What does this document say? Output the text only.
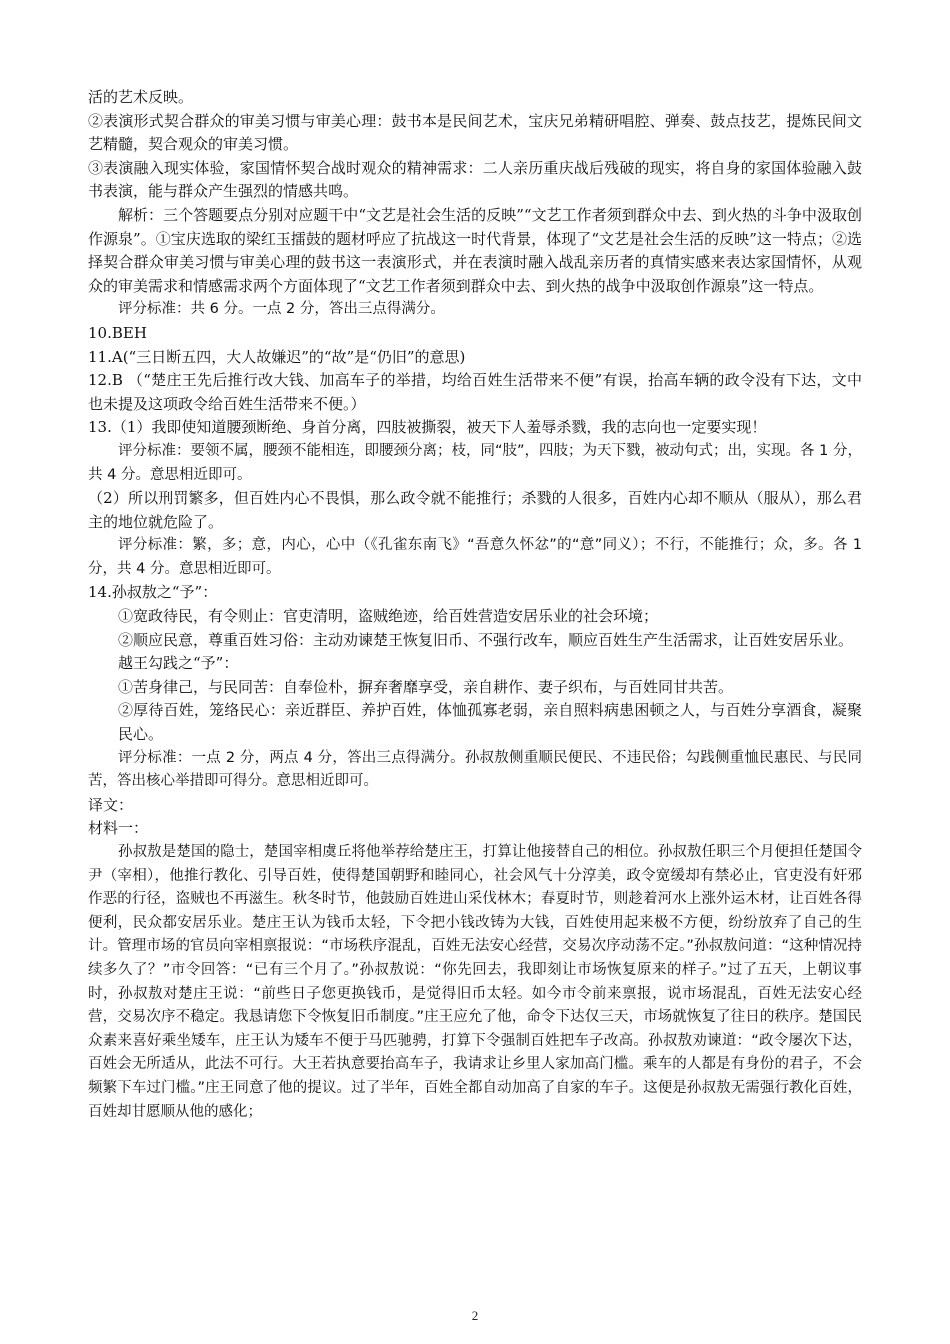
活的艺术反映。

②表演形式契合群众的审美习惯与审美心理：鼓书本是民间艺术，宝庆兄弟精研唱腔、弹奏、鼓点技艺，提炼民间文艺精髓，契合观众的审美习惯。

③表演融入现实体验，家国情怀契合战时观众的精神需求：二人亲历重庆战后残破的现实，将自身的家国体验融入鼓书表演，能与群众产生强烈的情感共鸣。

解析：三个答题要点分别对应题干中“文艺是社会生活的反映”“文艺工作者须到群众中去、到火热的斗争中汲取创作源泉”。①宝庆选取的梁红玉擂鼓的题材呼应了抗战这一时代背景，体现了“文艺是社会生活的反映”这一特点；②选择契合群众审美习惯与审美心理的鼓书这一表演形式，并在表演时融入战乱亲历者的真情实感来表达家国情怀，从观众的审美需求和情感需求两个方面体现了“文艺工作者须到群众中去、到火热的战争中汲取创作源泉”这一特点。

评分标准：共 6 分。一点 2 分，答出三点得满分。

10.BEH

11.A(“三日断五四，大人故嫌迟”的“故”是“仍旧”的意思)

12.B （“楚庄王先后推行改大钱、加高车子的举措，均给百姓生活带来不便”有误，抬高车辆的政令没有下达，文中也未提及这项政令给百姓生活带来不便。）

13.（1）我即使知道腰颈断绝、身首分离，四肢被撕裂，被天下人羞辱杀戮，我的志向也一定要实现！

评分标准：要领不属，腰颈不能相连，即腰颈分离；枝，同“肢”，四肢；为天下戮，被动句式；出，实现。各 1 分，共 4 分。意思相近即可。

（2）所以刑罚繁多，但百姓内心不畏惧，那么政令就不能推行；杀戮的人很多，百姓内心却不顺从（服从），那么君主的地位就危险了。

评分标准：繁，多；意，内心，心中（《孔雀东南飞》“吾意久怀忿”的“意”同义）；不行，不能推行；众，多。各 1 分，共 4 分。意思相近即可。

14.孙叔敖之“予”：

①宽政待民，有令则止：官吏清明，盗贼绝迹，给百姓营造安居乐业的社会环境；

②顺应民意，尊重百姓习俗：主动劝谏楚王恢复旧币、不强行改车，顺应百姓生产生活需求，让百姓安居乐业。

越王勾践之“予”：

①苦身律己，与民同苦：自奉俭朴，摒弃奢靡享受，亲自耕作、妻子织布，与百姓同甘共苦。

②厚待百姓，笼络民心：亲近群臣、养护百姓，体恤孤寡老弱，亲自照料病患困顿之人，与百姓分享酒食，凝聚民心。

评分标准：一点 2 分，两点 4 分，答出三点得满分。孙叔敖侧重顺民便民、不违民俗；勾践侧重恤民惠民、与民同苦，答出核心举措即可得分。意思相近即可。

译文：

材料一：

孙叔敖是楚国的隐士，楚国宰相虞丘将他举荐给楚庄王，打算让他接替自己的相位。孙叔敖任职三个月便担任楚国令尹（宰相），他推行教化、引导百姓，使得楚国朝野和睦同心，社会风气十分淳美，政令宽缓却有禁必止，官吏没有奸邪作恶的行径，盗贼也不再滋生。秋冬时节，他鼓励百姓进山采伐林木；春夏时节，则趁着河水上涨外运木材，让百姓各得便利，民众都安居乐业。楚庄王认为钱币太轻，下令把小钱改铸为大钱，百姓使用起来极不方便，纷纷放弃了自己的生计。管理市场的官员向宰相禀报说：“市场秩序混乱，百姓无法安心经营，交易次序动荡不定。”孙叔敖问道：“这种情况持续多久了？”市令回答：“已有三个月了。”孙叔敖说：“你先回去，我即刻让市场恢复原来的样子。”过了五天，上朝议事时，孙叔敖对楚庄王说：“前些日子您更换钱币，是觉得旧币太轻。如今市令前来禀报，说市场混乱，百姓无法安心经营，交易次序不稳定。我恳请您下令恢复旧币制度。”庄王应允了他，命令下达仅三天，市场就恢复了往日的秩序。楚国民众素来喜好乘坐矮车，庄王认为矮车不便于马匹驰骋，打算下令强制百姓把车子改高。孙叔敖劝谏道：“政令屡次下达，百姓会无所适从，此法不可行。大王若执意要抬高车子，我请求让乡里人家加高门槛。乘车的人都是有身份的君子，不会频繁下车过门槛。”庄王同意了他的提议。过了半年，百姓全都自动加高了自家的车子。这便是孙叔敖无需强行教化百姓，百姓却甘愿顺从他的感化；

2
